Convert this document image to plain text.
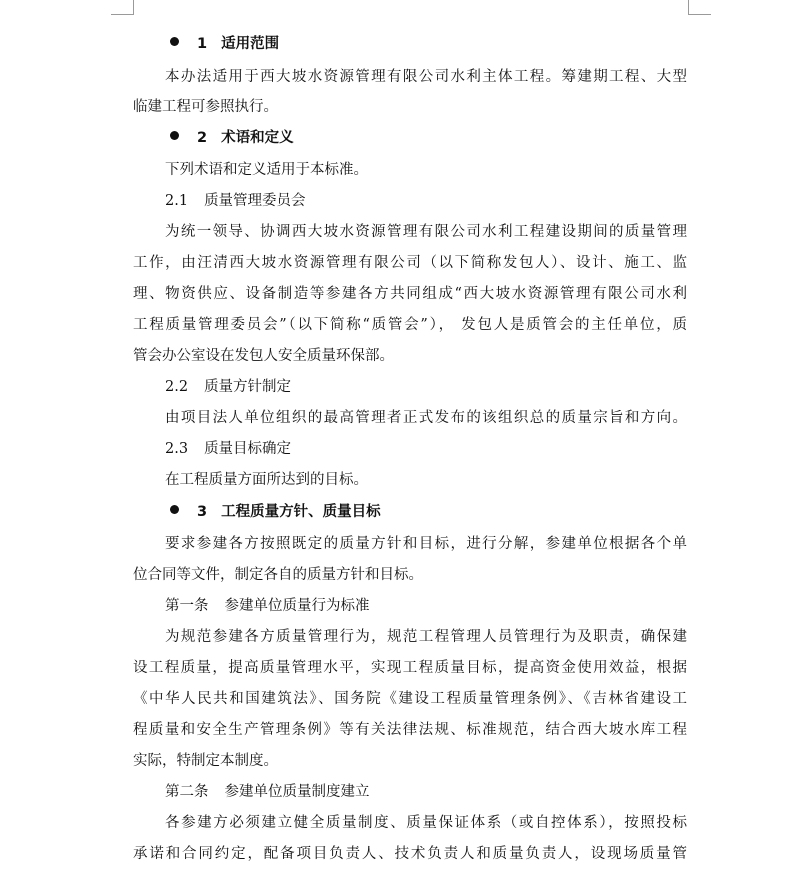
1 适用范围
本办法适用于西大坡水资源管理有限公司水利主体工程。筹建期工程、大型
临建工程可参照执行。
2 术语和定义
下列术语和定义适用于本标准。
2.1 质量管理委员会
为统一领导、协调西大坡水资源管理有限公司水利工程建设期间的质量管理
工作，由汪清西大坡水资源管理有限公司（以下简称发包人）、设计、施工、监
理、物资供应、设备制造等参建各方共同组成“西大坡水资源管理有限公司水利
工程质量管理委员会”（以下简称“质管会”）， 发包人是质管会的主任单位，质
管会办公室设在发包人安全质量环保部。
2.2 质量方针制定
由项目法人单位组织的最高管理者正式发布的该组织总的质量宗旨和方向。
2.3 质量目标确定
在工程质量方面所达到的目标。
3 工程质量方针、质量目标
要求参建各方按照既定的质量方针和目标，进行分解，参建单位根据各个单
位合同等文件，制定各自的质量方针和目标。
第一条 参建单位质量行为标准
为规范参建各方质量管理行为，规范工程管理人员管理行为及职责，确保建
设工程质量，提高质量管理水平，实现工程质量目标，提高资金使用效益，根据
《中华人民共和国建筑法》、国务院《建设工程质量管理条例》、《吉林省建设工
程质量和安全生产管理条例》等有关法律法规、标准规范，结合西大坡水库工程
实际，特制定本制度。
第二条 参建单位质量制度建立
各参建方必须建立健全质量制度、质量保证体系（或自控体系），按照投标
承诺和合同约定，配备项目负责人、技术负责人和质量负责人，设现场质量管
